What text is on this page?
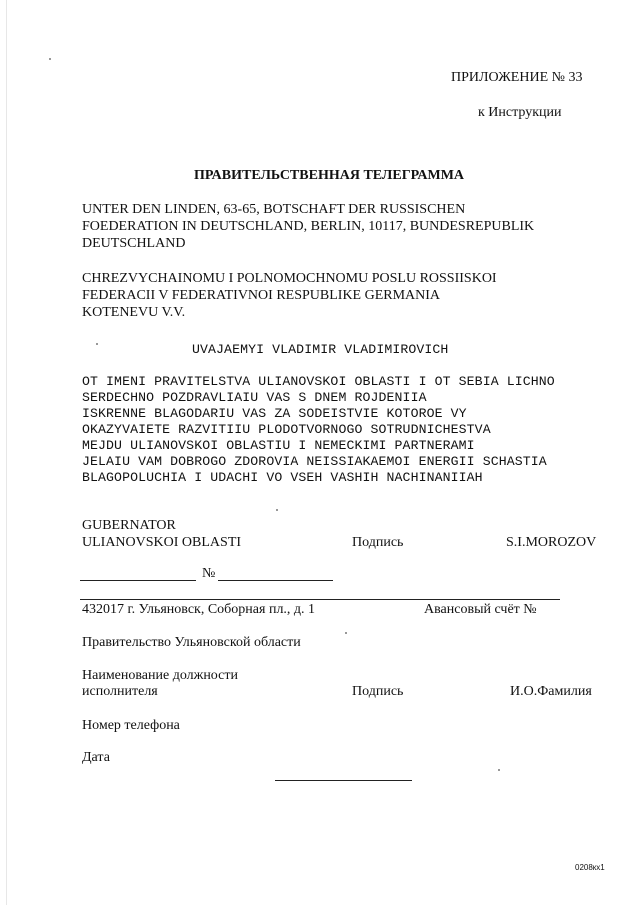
ПРИЛОЖЕНИЕ № 33
к Инструкции
ПРАВИТЕЛЬСТВЕННАЯ ТЕЛЕГРАММА
UNTER DEN LINDEN, 63-65, BOTSCHAFT DER RUSSISCHEN
FOEDERATION IN DEUTSCHLAND, BERLIN, 10117, BUNDESREPUBLIK
DEUTSCHLAND
CHREZVYCHAINOMU I POLNOMOCHNOMU POSLU ROSSIISKOI
FEDERACII V FEDERATIVNOI RESPUBLIKE GERMANIA
KOTENEVU V.V.
UVAJAEMYI VLADIMIR VLADIMIROVICH
OT IMENI PRAVITELSTVA ULIANOVSKOI OBLASTI I OT SEBIA LICHNO
SERDECHNO POZDRAVLIAIU VAS S DNEM ROJDENIIA
ISKRENNE BLAGODARIU VAS ZA SODEISTVIE KOTOROE VY
OKAZYVAIETE RAZVITIIU PLODOTVORNOGO SOTRUDNICHESTVA
MEJDU ULIANOVSKOI OBLASTIU I NEMECKIMI PARTNERAMI
JELAIU VAM DOBROGO ZDOROVIA NEISSIAKAEMOI ENERGII SCHASTIA
BLAGOPOLUCHIA I UDACHI VO VSEH VASHIH NACHINANIIAH
GUBERNATOR
ULIANOVSKOI OBLASTI	Подпись	S.I.MOROZOV
№
432017 г. Ульяновск, Соборная пл., д. 1	Авансовый счёт №
Правительство Ульяновской области
Наименование должности
исполнителя	Подпись	И.О.Фамилия
Номер телефона
Дата
0208кх1
